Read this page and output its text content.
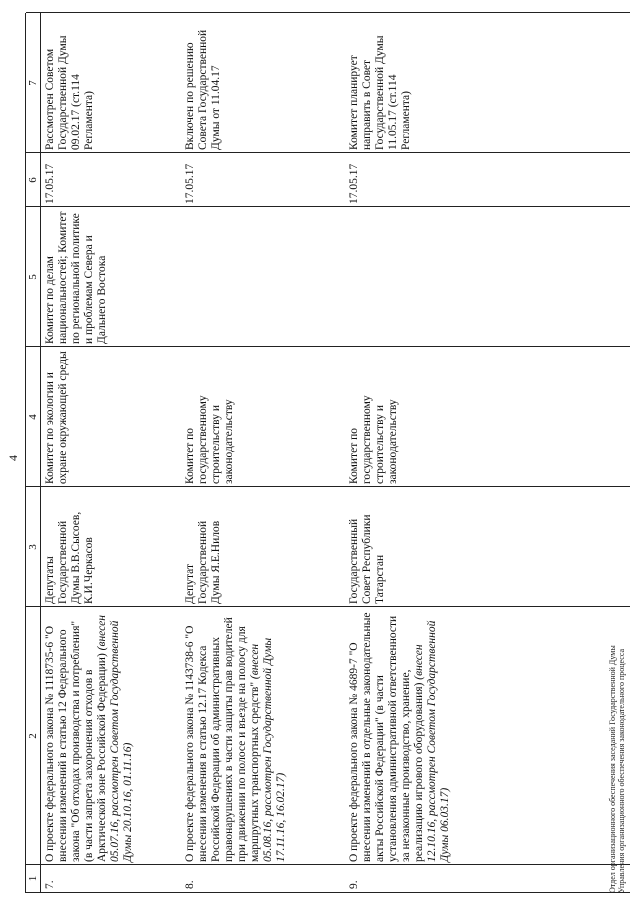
4
1
2
3
4
5
6
7
7.
О проекте федерального закона № 1118735-6 "О внесении изменений в статью 12 Федерального закона "Об отходах производства и потребления" (в части запрета захоронения отходов в Арктической зоне Российской Федерации) (внесен 05.07.16, рассмотрен Советом Государственной Думы 20.10.16, 01.11.16)
Депутаты Государственной Думы В.В.Сысоев, К.И.Черкасов
Комитет по экологии и охране окружающей среды
Комитет по делам национальностей; Комитет по региональной политике и проблемам Севера и Дальнего Востока
17.05.17
Рассмотрен Советом Государственной Думы 09.02.17 (ст.114 Регламента)
8.
О проекте федерального закона № 1143738-6 "О внесении изменения в статью 12.17 Кодекса Российской Федерации об административных правонарушениях в части защиты прав водителей при движении по полосе и въезде на полосу для маршрутных транспортных средств" (внесен 05.08.16, рассмотрен Государственной Думы 17.11.16, 16.02.17)
Депутат Государственной Думы Я.Е.Нилов
Комитет по государственному строительству и законодательству
17.05.17
Включен по решению Совета Государственной Думы от 11.04.17
9.
О проекте федерального закона № 4689-7 "О внесении изменений в отдельные законодательные акты Российской Федерации" (в части установления административной ответственности за незаконные производство, хранение, реализацию игрового оборудования) (внесен 12.10.16, рассмотрен Советом Государственной Думы 06.03.17)
Государственный Совет Республики Татарстан
Комитет по государственному строительству и законодательству
17.05.17
Комитет планирует направить в Совет Государственной Думы 11.05.17 (ст.114 Регламента)
Отдел организационного обеспечения заседаний Государственной Думы Управления организационного обеспечения законодательного процесса
